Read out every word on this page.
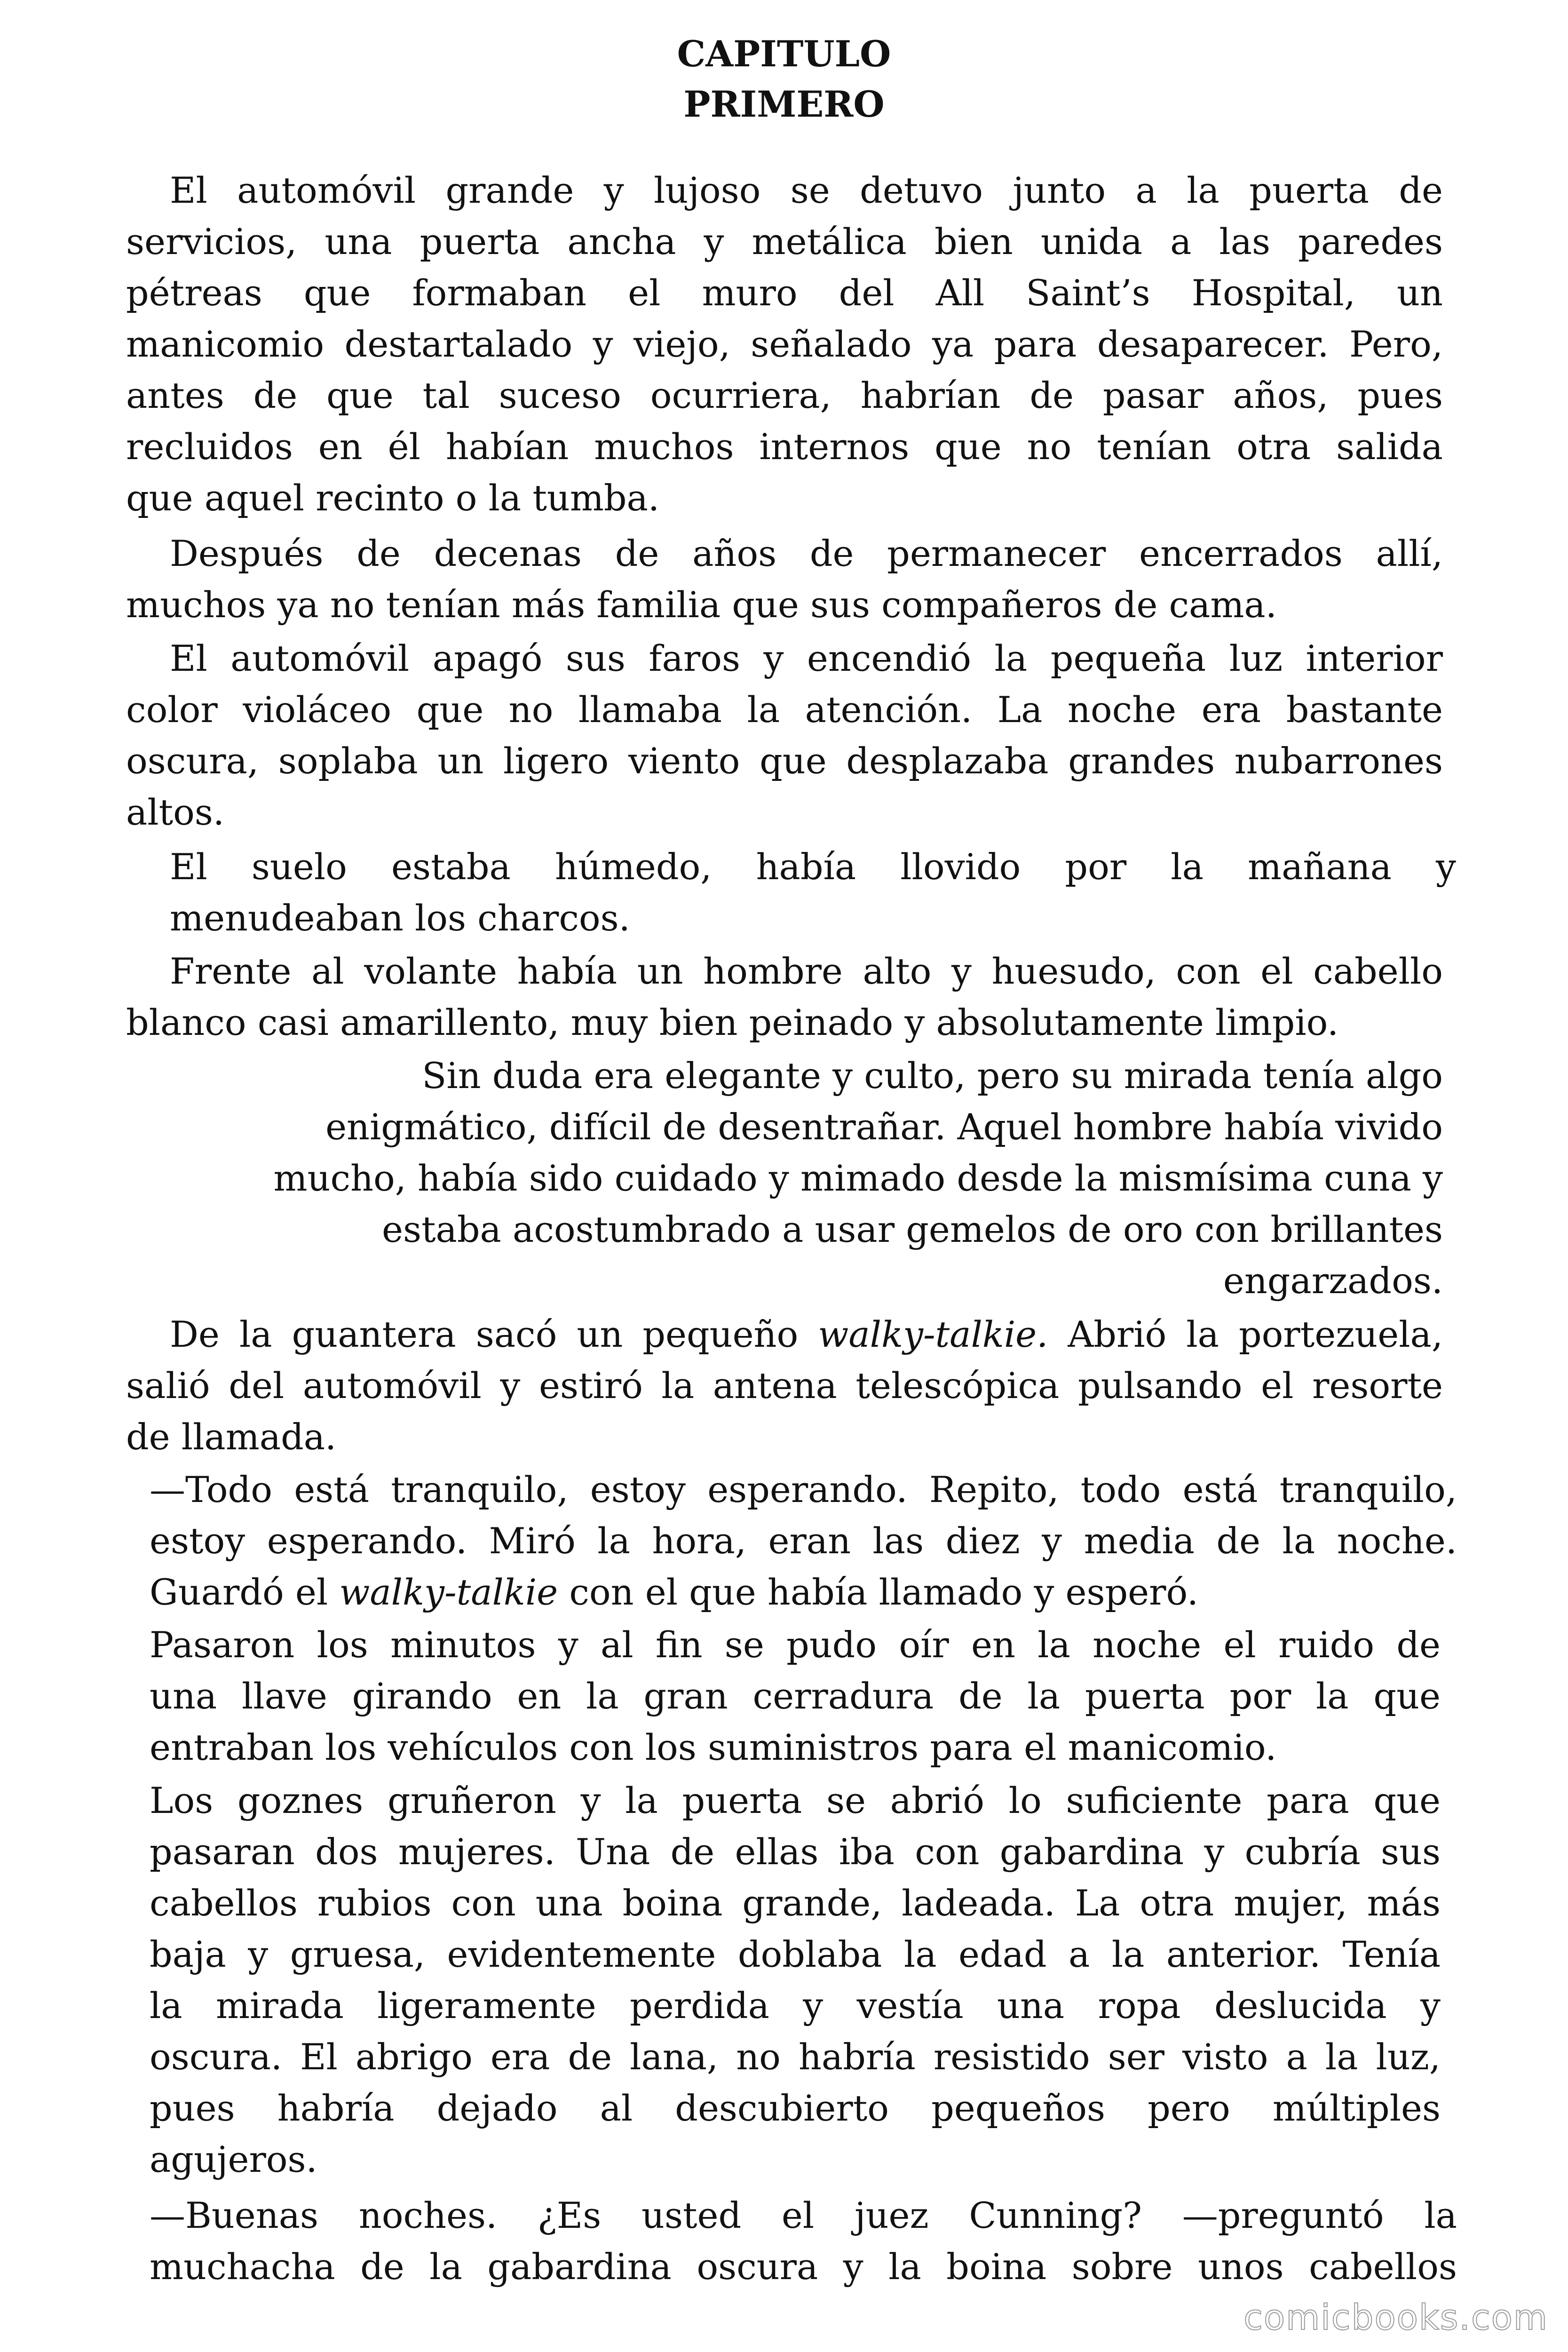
CAPITULO
PRIMERO
El automóvil grande y lujoso se detuvo junto a la puerta de
servicios, una puerta ancha y metálica bien unida a las paredes
pétreas que formaban el muro del All Saint’s Hospital, un
manicomio destartalado y viejo, señalado ya para desaparecer. Pero,
antes de que tal suceso ocurriera, habrían de pasar años, pues
recluidos en él habían muchos internos que no tenían otra salida
que aquel recinto o la tumba.
Después de decenas de años de permanecer encerrados allí,
muchos ya no tenían más familia que sus compañeros de cama.
El automóvil apagó sus faros y encendió la pequeña luz interior
color violáceo que no llamaba la atención. La noche era bastante
oscura, soplaba un ligero viento que desplazaba grandes nubarrones
altos.
El suelo estaba húmedo, había llovido por la mañana y
menudeaban los charcos.
Frente al volante había un hombre alto y huesudo, con el cabello
blanco casi amarillento, muy bien peinado y absolutamente limpio.
Sin duda era elegante y culto, pero su mirada tenía algo
enigmático, difícil de desentrañar. Aquel hombre había vivido
mucho, había sido cuidado y mimado desde la mismísima cuna y
estaba acostumbrado a usar gemelos de oro con brillantes
engarzados.
De la guantera sacó un pequeño walky-talkie. Abrió la portezuela,
salió del automóvil y estiró la antena telescópica pulsando el resorte
de llamada.
—Todo está tranquilo, estoy esperando. Repito, todo está tranquilo,
estoy esperando. Miró la hora, eran las diez y media de la noche.
Guardó el walky-talkie con el que había llamado y esperó.
Pasaron los minutos y al fin se pudo oír en la noche el ruido de
una llave girando en la gran cerradura de la puerta por la que
entraban los vehículos con los suministros para el manicomio.
Los goznes gruñeron y la puerta se abrió lo suficiente para que
pasaran dos mujeres. Una de ellas iba con gabardina y cubría sus
cabellos rubios con una boina grande, ladeada. La otra mujer, más
baja y gruesa, evidentemente doblaba la edad a la anterior. Tenía
la mirada ligeramente perdida y vestía una ropa deslucida y
oscura. El abrigo era de lana, no habría resistido ser visto a la luz,
pues habría dejado al descubierto pequeños pero múltiples
agujeros.
—Buenas noches. ¿Es usted el juez Cunning? —preguntó la
muchacha de la gabardina oscura y la boina sobre unos cabellos
comicbooks.com
